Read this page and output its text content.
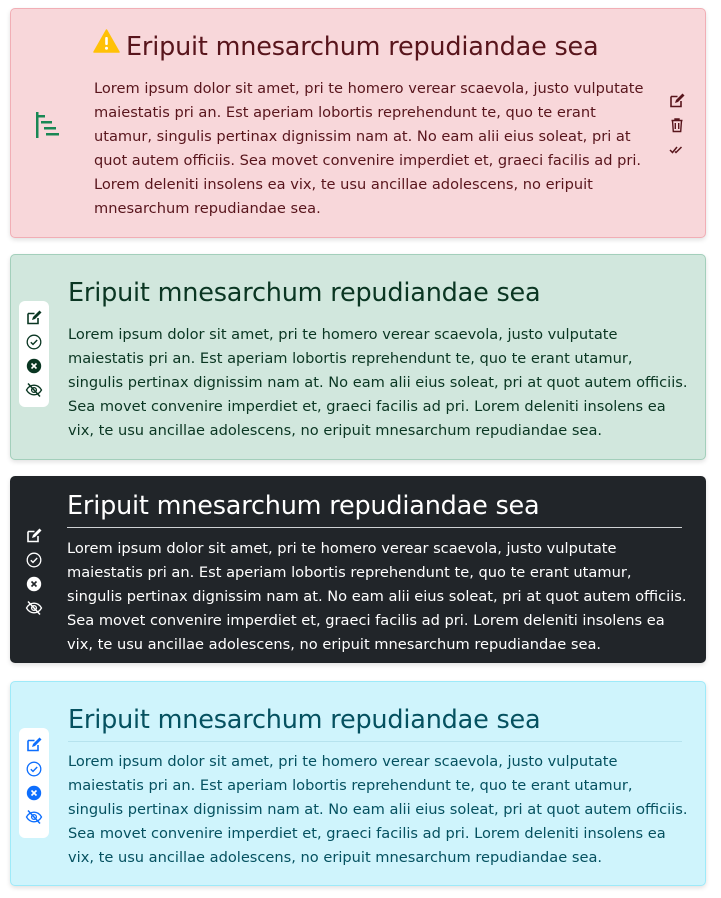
Eripuit mnesarchum repudiandae sea

Lorem ipsum dolor sit amet, pri te homero verear scaevola, justo vulputate maiestatis pri an. Est aperiam lobortis reprehendunt te, quo te erant utamur, singulis pertinax dignissim nam at. No eam alii eius soleat, pri at quot autem officiis. Sea movet convenire imperdiet et, graeci facilis ad pri. Lorem deleniti insolens ea vix, te usu ancillae adolescens, no eripuit mnesarchum repudiandae sea.

Eripuit mnesarchum repudiandae sea

Lorem ipsum dolor sit amet, pri te homero verear scaevola, justo vulputate maiestatis pri an. Est aperiam lobortis reprehendunt te, quo te erant utamur, singulis pertinax dignissim nam at. No eam alii eius soleat, pri at quot autem officiis. Sea movet convenire imperdiet et, graeci facilis ad pri. Lorem deleniti insolens ea vix, te usu ancillae adolescens, no eripuit mnesarchum repudiandae sea.

Eripuit mnesarchum repudiandae sea

Lorem ipsum dolor sit amet, pri te homero verear scaevola, justo vulputate maiestatis pri an. Est aperiam lobortis reprehendunt te, quo te erant utamur, singulis pertinax dignissim nam at. No eam alii eius soleat, pri at quot autem officiis. Sea movet convenire imperdiet et, graeci facilis ad pri. Lorem deleniti insolens ea vix, te usu ancillae adolescens, no eripuit mnesarchum repudiandae sea.

Eripuit mnesarchum repudiandae sea

Lorem ipsum dolor sit amet, pri te homero verear scaevola, justo vulputate maiestatis pri an. Est aperiam lobortis reprehendunt te, quo te erant utamur, singulis pertinax dignissim nam at. No eam alii eius soleat, pri at quot autem officiis. Sea movet convenire imperdiet et, graeci facilis ad pri. Lorem deleniti insolens ea vix, te usu ancillae adolescens, no eripuit mnesarchum repudiandae sea.
